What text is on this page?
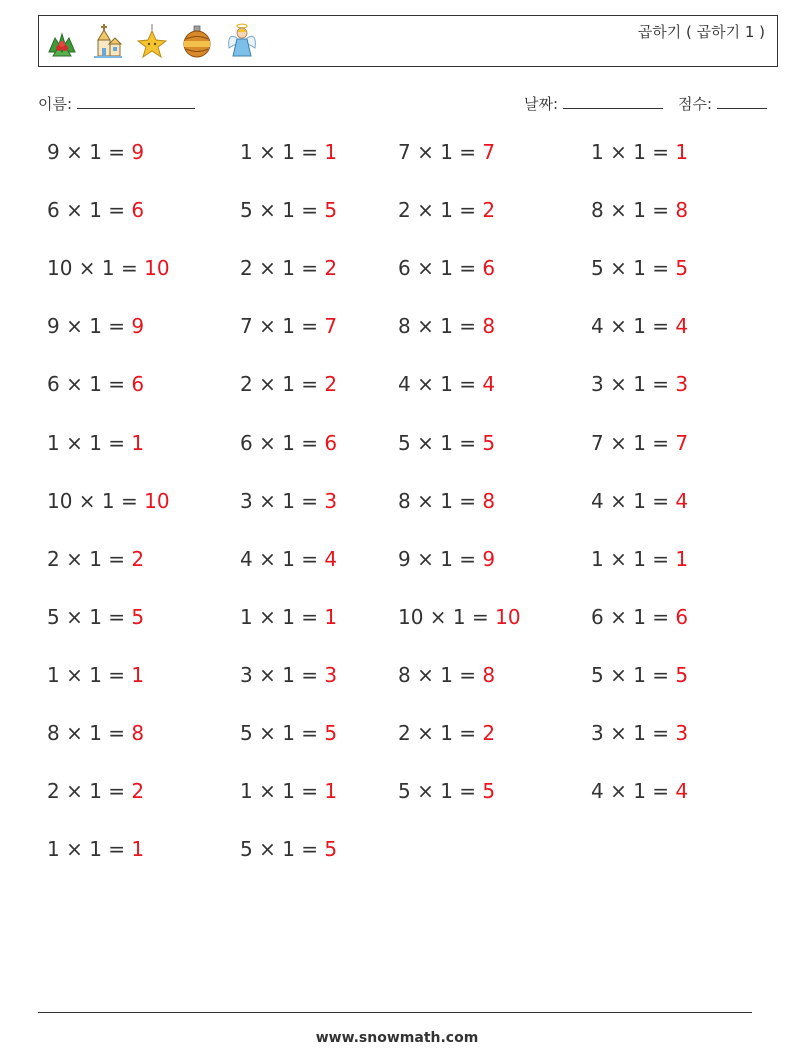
곱하기 ( 곱하기 1 )
이름:	날짜:	점수:
9 × 1 = 9	1 × 1 = 1	7 × 1 = 7	1 × 1 = 1
6 × 1 = 6	5 × 1 = 5	2 × 1 = 2	8 × 1 = 8
10 × 1 = 10	2 × 1 = 2	6 × 1 = 6	5 × 1 = 5
9 × 1 = 9	7 × 1 = 7	8 × 1 = 8	4 × 1 = 4
6 × 1 = 6	2 × 1 = 2	4 × 1 = 4	3 × 1 = 3
1 × 1 = 1	6 × 1 = 6	5 × 1 = 5	7 × 1 = 7
10 × 1 = 10	3 × 1 = 3	8 × 1 = 8	4 × 1 = 4
2 × 1 = 2	4 × 1 = 4	9 × 1 = 9	1 × 1 = 1
5 × 1 = 5	1 × 1 = 1	10 × 1 = 10	6 × 1 = 6
1 × 1 = 1	3 × 1 = 3	8 × 1 = 8	5 × 1 = 5
8 × 1 = 8	5 × 1 = 5	2 × 1 = 2	3 × 1 = 3
2 × 1 = 2	1 × 1 = 1	5 × 1 = 5	4 × 1 = 4
1 × 1 = 1	5 × 1 = 5
www.snowmath.com
